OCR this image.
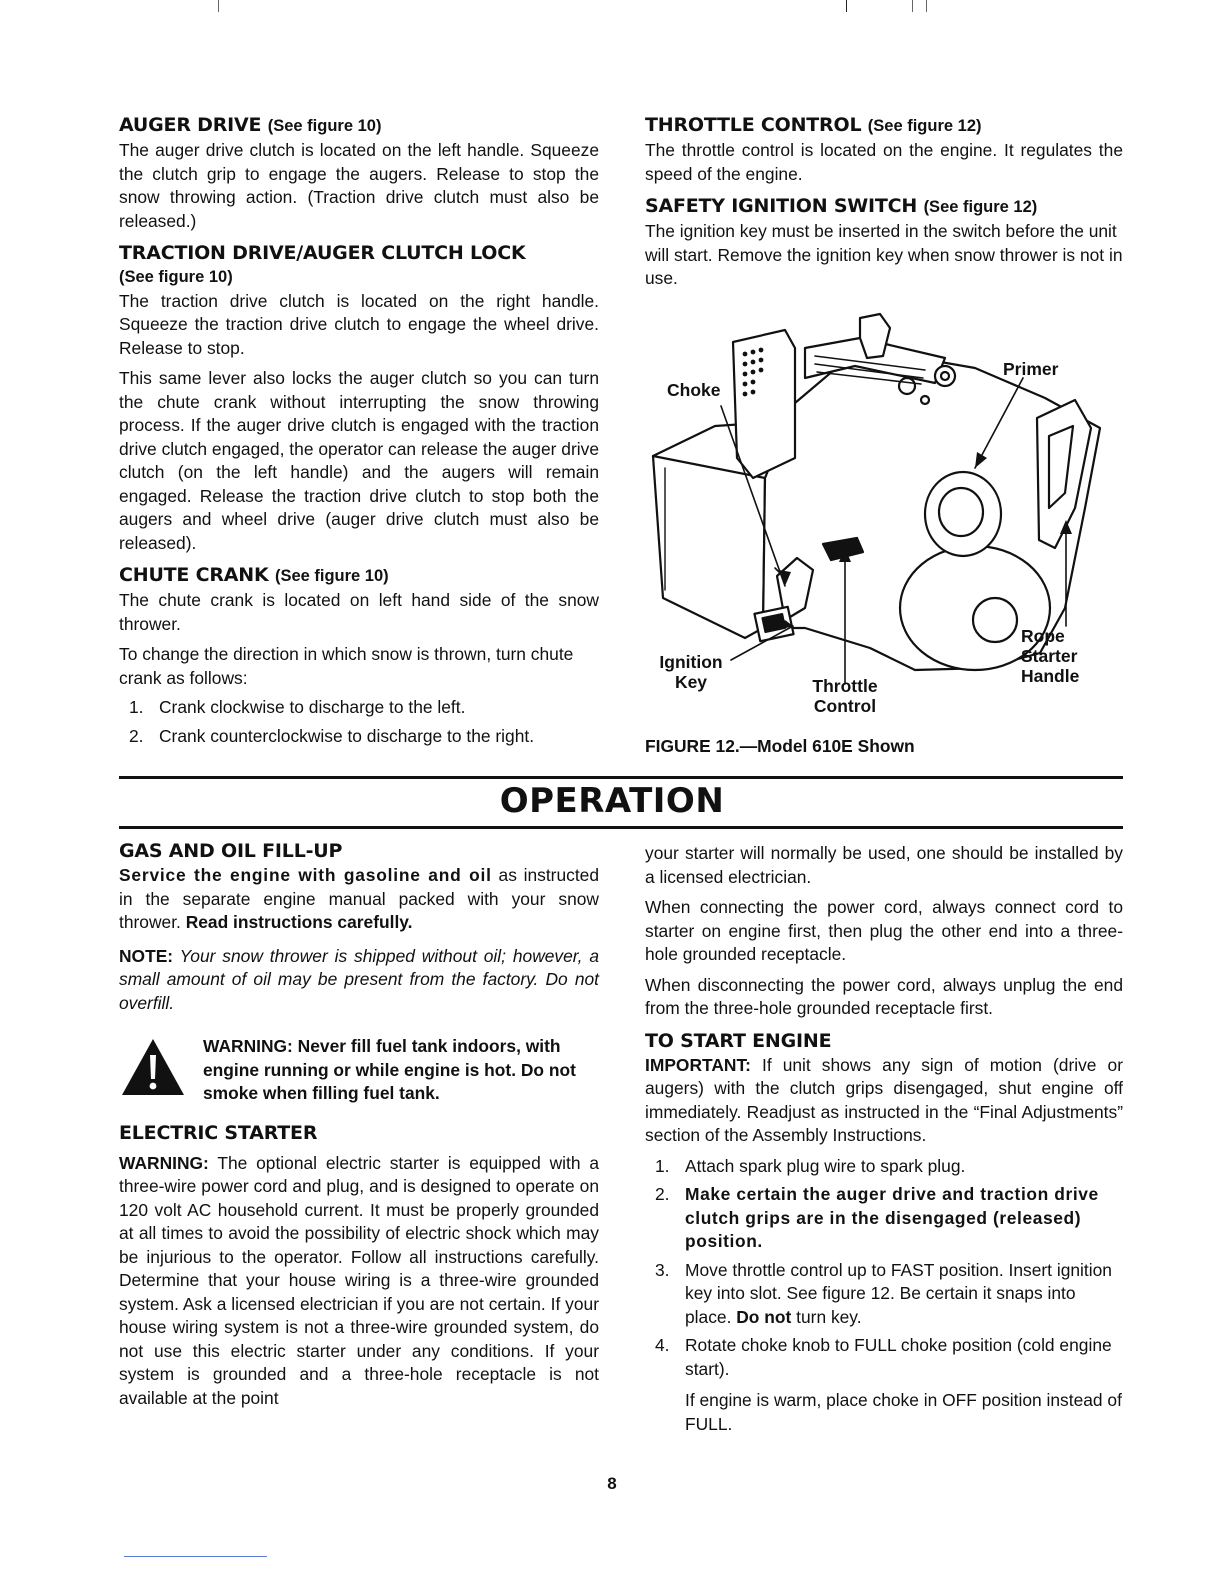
AUGER DRIVE (See figure 10)

The auger drive clutch is located on the left handle. Squeeze the clutch grip to engage the augers. Release to stop the snow throwing action. (Traction drive clutch must also be released.)

TRACTION DRIVE/AUGER CLUTCH LOCK
(See figure 10)

The traction drive clutch is located on the right handle. Squeeze the traction drive clutch to engage the wheel drive. Release to stop.

This same lever also locks the auger clutch so you can turn the chute crank without interrupting the snow throwing process. If the auger drive clutch is engaged with the traction drive clutch engaged, the operator can release the auger drive clutch (on the left handle) and the augers will remain engaged. Release the traction drive clutch to stop both the augers and wheel drive (auger drive clutch must also be released).

CHUTE CRANK (See figure 10)

The chute crank is located on left hand side of the snow thrower.

To change the direction in which snow is thrown, turn chute crank as follows:

1. Crank clockwise to discharge to the left.
2. Crank counterclockwise to discharge to the right.
THROTTLE CONTROL (See figure 12)

The throttle control is located on the engine. It regulates the speed of the engine.

SAFETY IGNITION SWITCH (See figure 12)

The ignition key must be inserted in the switch before the unit will start. Remove the ignition key when snow thrower is not in use.

Choke
Primer
Ignition Key	Throttle Control
Rope Starter Handle
FIGURE 12.—Model 610E Shown
OPERATION
GAS AND OIL FILL-UP

Service the engine with gasoline and oil as instructed in the separate engine manual packed with your snow thrower. Read instructions carefully.

NOTE: Your snow thrower is shipped without oil; however, a small amount of oil may be present from the factory. Do not overfill.

WARNING: Never fill fuel tank indoors, with engine running or while engine is hot. Do not smoke when filling fuel tank.
ELECTRIC STARTER

WARNING: The optional electric starter is equipped with a three-wire power cord and plug, and is designed to operate on 120 volt AC household current. It must be properly grounded at all times to avoid the possibility of electric shock which may be injurious to the operator. Follow all instructions carefully. Determine that your house wiring is a three-wire grounded system. Ask a licensed electrician if you are not certain. If your house wiring system is not a three-wire grounded system, do not use this electric starter under any conditions. If your system is grounded and a three-hole receptacle is not available at the point

your starter will normally be used, one should be installed by a licensed electrician.

When connecting the power cord, always connect cord to starter on engine first, then plug the other end into a three-hole grounded receptacle.

When disconnecting the power cord, always unplug the end from the three-hole grounded receptacle first.

TO START ENGINE

IMPORTANT: If unit shows any sign of motion (drive or augers) with the clutch grips disengaged, shut engine off immediately. Readjust as instructed in the “Final Adjustments” section of the Assembly Instructions.

1. Attach spark plug wire to spark plug.
2. Make certain the auger drive and traction drive clutch grips are in the disengaged (released) position.
3. Move throttle control up to FAST position. Insert ignition key into slot. See figure 12. Be certain it snaps into place. Do not turn key.
4. Rotate choke knob to FULL choke position (cold engine start).
If engine is warm, place choke in OFF position instead of FULL.
8
